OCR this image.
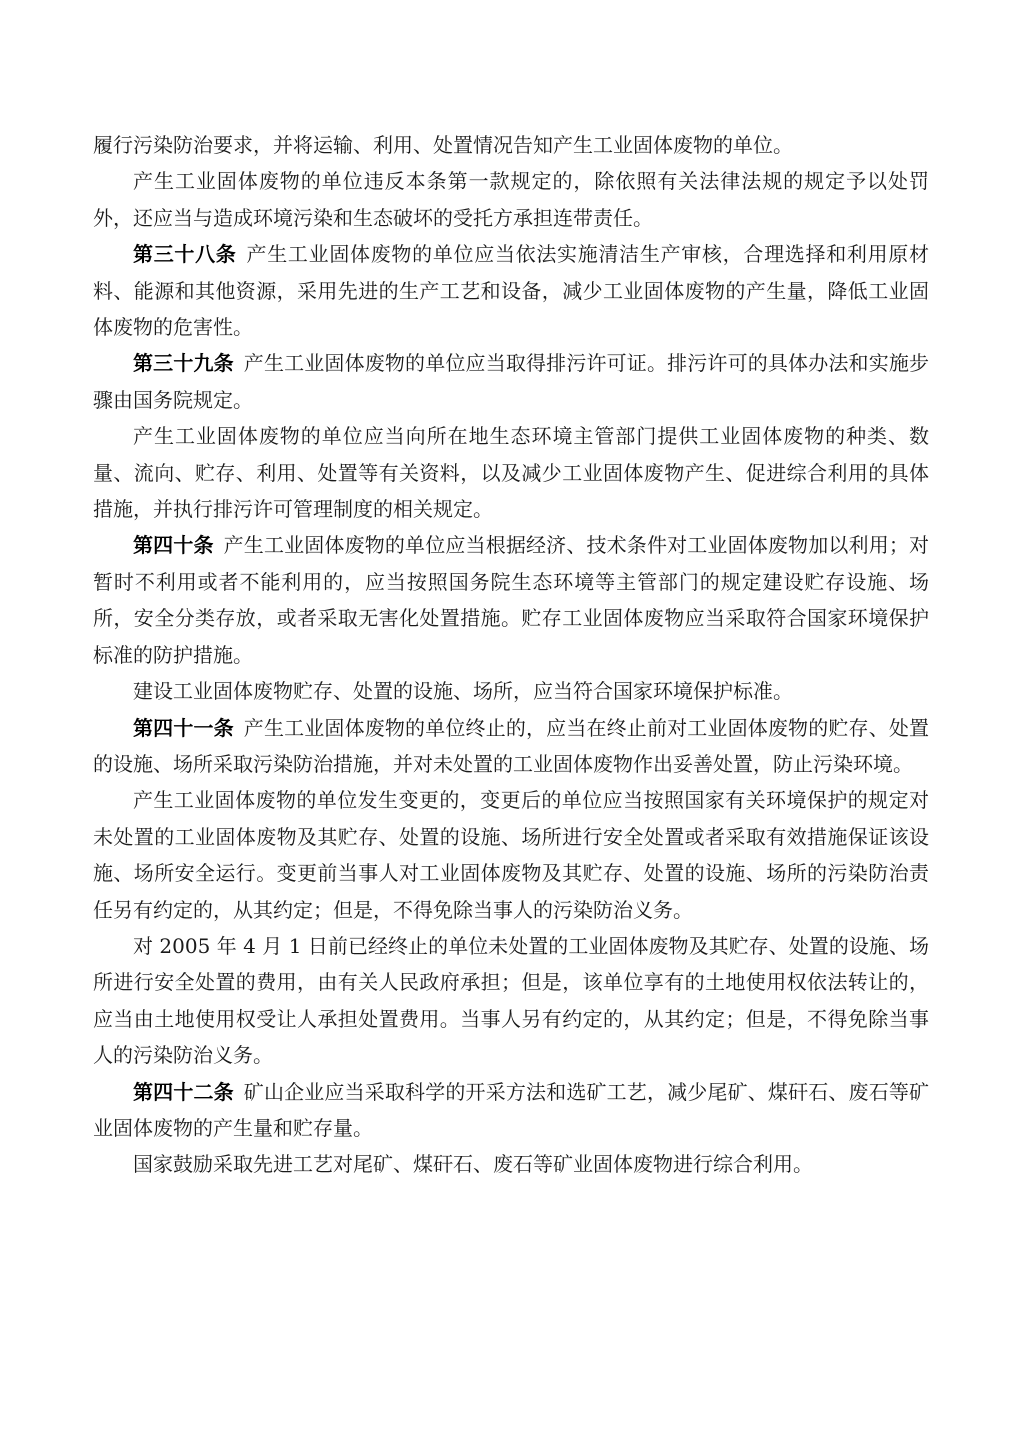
履行污染防治要求，并将运输、利用、处置情况告知产生工业固体废物的单位。

产生工业固体废物的单位违反本条第一款规定的，除依照有关法律法规的规定予以处罚外，还应当与造成环境污染和生态破坏的受托方承担连带责任。

第三十八条 产生工业固体废物的单位应当依法实施清洁生产审核，合理选择和利用原材料、能源和其他资源，采用先进的生产工艺和设备，减少工业固体废物的产生量，降低工业固体废物的危害性。

第三十九条 产生工业固体废物的单位应当取得排污许可证。排污许可的具体办法和实施步骤由国务院规定。

产生工业固体废物的单位应当向所在地生态环境主管部门提供工业固体废物的种类、数量、流向、贮存、利用、处置等有关资料，以及减少工业固体废物产生、促进综合利用的具体措施，并执行排污许可管理制度的相关规定。

第四十条 产生工业固体废物的单位应当根据经济、技术条件对工业固体废物加以利用；对暂时不利用或者不能利用的，应当按照国务院生态环境等主管部门的规定建设贮存设施、场所，安全分类存放，或者采取无害化处置措施。贮存工业固体废物应当采取符合国家环境保护标准的防护措施。

建设工业固体废物贮存、处置的设施、场所，应当符合国家环境保护标准。

第四十一条 产生工业固体废物的单位终止的，应当在终止前对工业固体废物的贮存、处置的设施、场所采取污染防治措施，并对未处置的工业固体废物作出妥善处置，防止污染环境。

产生工业固体废物的单位发生变更的，变更后的单位应当按照国家有关环境保护的规定对未处置的工业固体废物及其贮存、处置的设施、场所进行安全处置或者采取有效措施保证该设施、场所安全运行。变更前当事人对工业固体废物及其贮存、处置的设施、场所的污染防治责任另有约定的，从其约定；但是，不得免除当事人的污染防治义务。

对 2005 年 4 月 1 日前已经终止的单位未处置的工业固体废物及其贮存、处置的设施、场所进行安全处置的费用，由有关人民政府承担；但是，该单位享有的土地使用权依法转让的，应当由土地使用权受让人承担处置费用。当事人另有约定的，从其约定；但是，不得免除当事人的污染防治义务。

第四十二条 矿山企业应当采取科学的开采方法和选矿工艺，减少尾矿、煤矸石、废石等矿业固体废物的产生量和贮存量。

国家鼓励采取先进工艺对尾矿、煤矸石、废石等矿业固体废物进行综合利用。
